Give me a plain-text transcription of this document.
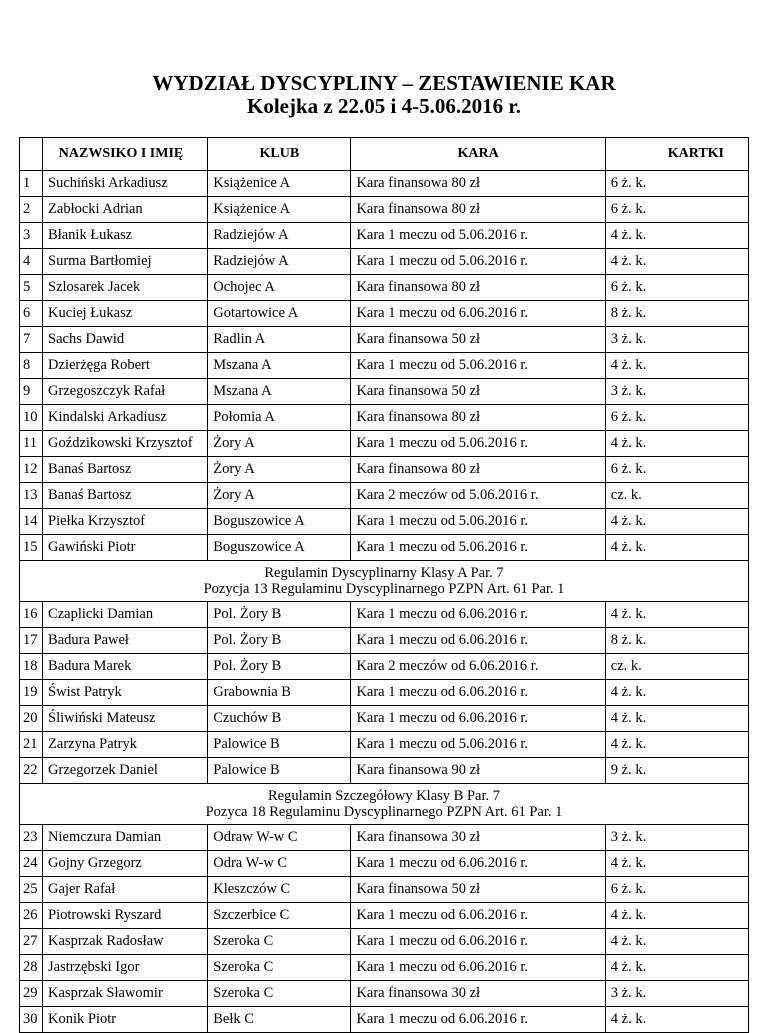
WYDZIAŁ DYSCYPLINY – ZESTAWIENIE KAR
Kolejka z 22.05 i 4-5.06.2016 r.
	NAZWSIKO I IMIĘ	KLUB	KARA	KARTKI
1	Suchiński Arkadiusz	Książenice A	Kara finansowa 80 zł	6 ż. k.
2	Zabłocki Adrian	Książenice A	Kara finansowa 80 zł	6 ż. k.
3	Błanik Łukasz	Radziejów A	Kara 1 meczu od 5.06.2016 r.	4 ż. k.
4	Surma Bartłomiej	Radziejów A	Kara 1 meczu od 5.06.2016 r.	4 ż. k.
5	Szlosarek Jacek	Ochojec A	Kara finansowa 80 zł	6 ż. k.
6	Kuciej Łukasz	Gotartowice A	Kara 1 meczu od 6.06.2016 r.	8 ż. k.
7	Sachs Dawid	Radlin A	Kara finansowa 50 zł	3 ż. k.
8	Dzierżęga Robert	Mszana A	Kara 1 meczu od 5.06.2016 r.	4 ż. k.
9	Grzegoszczyk Rafał	Mszana A	Kara finansowa 50 zł	3 ż. k.
10	Kindalski Arkadiusz	Połomia A	Kara finansowa 80 zł	6 ż. k.
11	Goździkowski Krzysztof	Żory A	Kara 1 meczu od 5.06.2016 r.	4 ż. k.
12	Banaś Bartosz	Żory A	Kara finansowa 80 zł	6 ż. k.
13	Banaś Bartosz	Żory A	Kara 2 meczów od 5.06.2016 r.	cz. k.
14	Piełka Krzysztof	Boguszowice A	Kara 1 meczu od 5.06.2016 r.	4 ż. k.
15	Gawiński Piotr	Boguszowice A	Kara 1 meczu od 5.06.2016 r.	4 ż. k.

Regulamin Dyscyplinarny Klasy A Par. 7
Pozycja 13 Regulaminu Dyscyplinarnego PZPN Art. 61 Par. 1				

16	Czaplicki Damian	Pol. Żory B	Kara 1 meczu od 6.06.2016 r.	4 ż. k.
17	Badura Paweł	Pol. Żory B	Kara 1 meczu od 6.06.2016 r.	8 ż. k.
18	Badura Marek	Pol. Żory B	Kara 2 meczów od 6.06.2016 r.	cz. k.
19	Świst Patryk	Grabownia B	Kara 1 meczu od 6.06.2016 r.	4 ż. k.
20	Śliwiński Mateusz	Czuchów B	Kara 1 meczu od 6.06.2016 r.	4 ż. k.
21	Zarzyna Patryk	Palowice B	Kara 1 meczu od 5.06.2016 r.	4 ż. k.
22	Grzegorzek Daniel	Palowice B	Kara finansowa 90 zł	9 ż. k.

Regulamin Szczegółowy Klasy B Par. 7
Pozyca 18 Regulaminu Dyscyplinarnego PZPN Art. 61 Par. 1				

23	Niemczura Damian	Odraw W-w C	Kara finansowa 30 zł	3 ż. k.
24	Gojny Grzegorz	Odra W-w C	Kara 1 meczu od 6.06.2016 r.	4 ż. k.
25	Gajer Rafał	Kleszczów C	Kara finansowa 50 zł	6 ż. k.
26	Piotrowski Ryszard	Szczerbice C	Kara 1 meczu od 6.06.2016 r.	4 ż. k.
27	Kasprzak Radosław	Szeroka C	Kara 1 meczu od 6.06.2016 r.	4 ż. k.
28	Jastrzębski Igor	Szeroka C	Kara 1 meczu od 6.06.2016 r.	4 ż. k.
29	Kasprzak Sławomir	Szeroka C	Kara finansowa 30 zł	3 ż. k.
30	Konik Piotr	Bełk C	Kara 1 meczu od 6.06.2016 r.	4 ż. k.
